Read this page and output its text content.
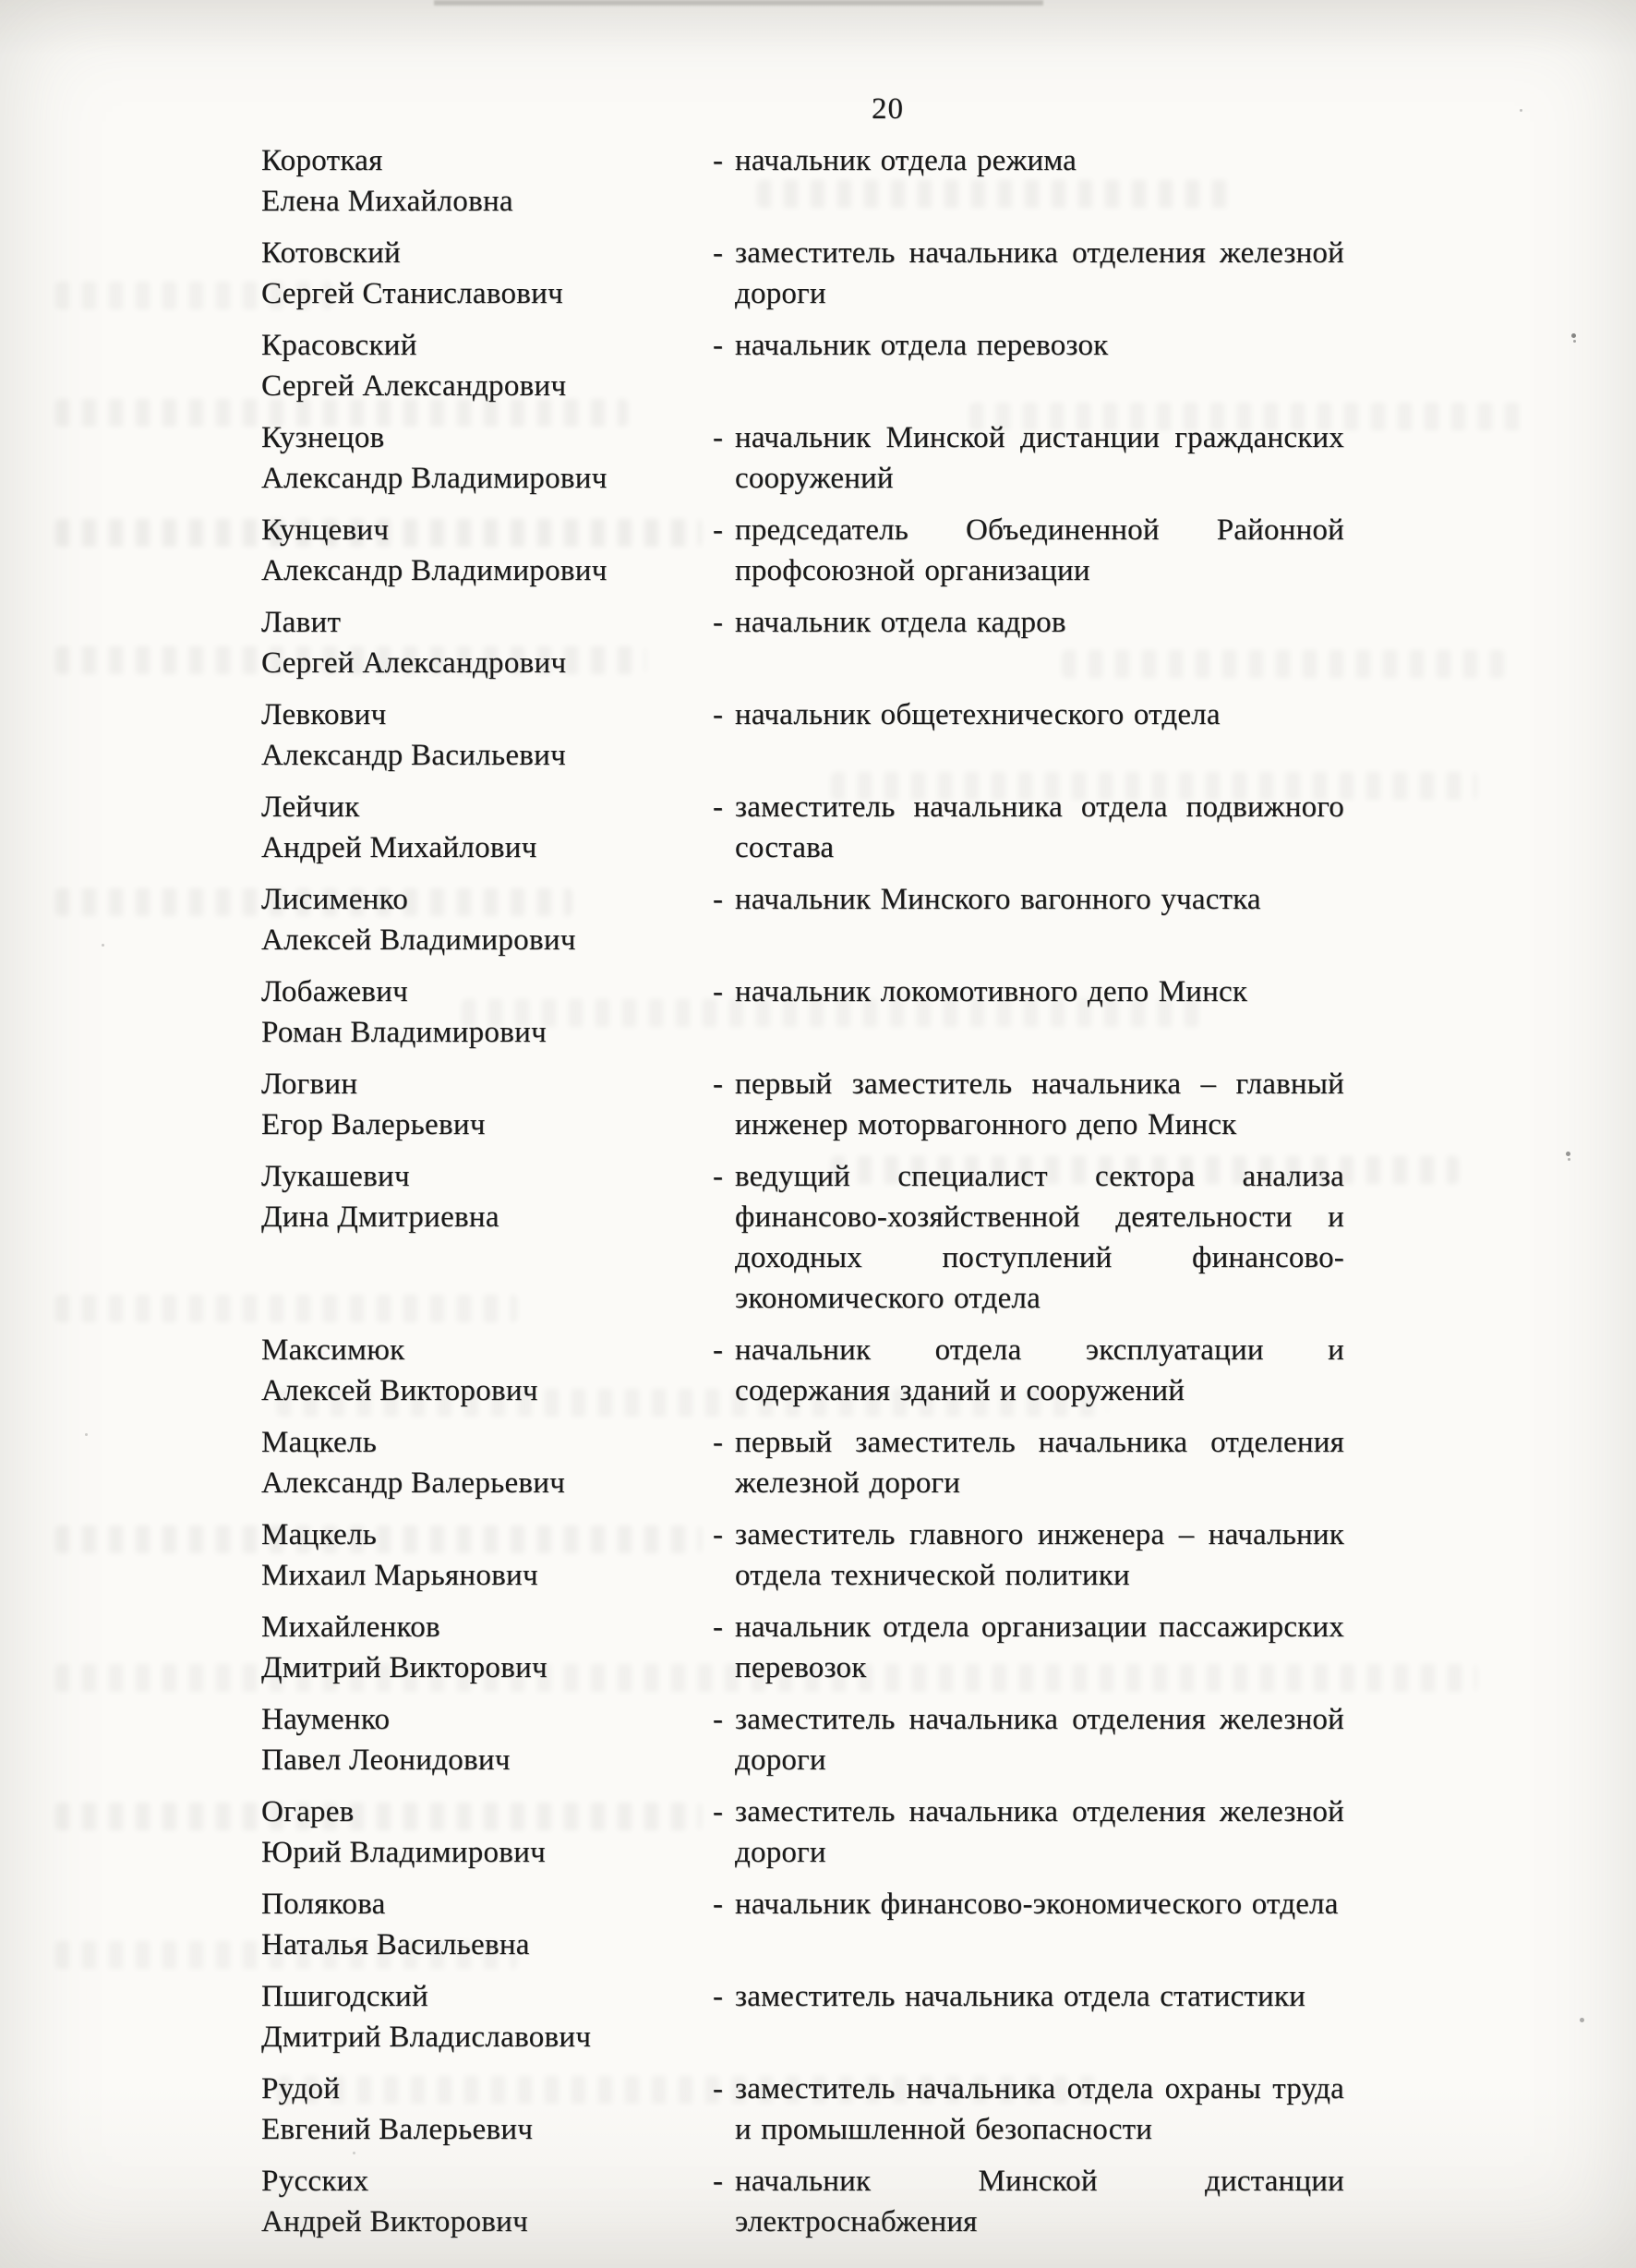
20
Короткая
Елена Михайловна
- начальник отдела режима
Котовский
Сергей Станиславович
- заместитель начальника отделения железной дороги
Красовский
Сергей Александрович
- начальник отдела перевозок
Кузнецов
Александр Владимирович
- начальник Минской дистанции гражданских сооружений
Кунцевич
Александр Владимирович
- председатель Объединенной Районной профсоюзной организации
Лавит
Сергей Александрович
- начальник отдела кадров
Левкович
Александр Васильевич
- начальник общетехнического отдела
Лейчик
Андрей Михайлович
- заместитель начальника отдела подвижного состава
Лисименко
Алексей Владимирович
- начальник Минского вагонного участка
Лобажевич
Роман Владимирович
- начальник локомотивного депо Минск
Логвин
Егор Валерьевич
- первый заместитель начальника – главный инженер моторвагонного депо Минск
Лукашевич
Дина Дмитриевна
- ведущий специалист сектора анализа финансово-хозяйственной деятельности и доходных поступлений финансово-экономического отдела
Максимюк
Алексей Викторович
- начальник отдела эксплуатации и содержания зданий и сооружений
Мацкель
Александр Валерьевич
- первый заместитель начальника отделения железной дороги
Мацкель
Михаил Марьянович
- заместитель главного инженера – начальник отдела технической политики
Михайленков
Дмитрий Викторович
- начальник отдела организации пассажирских перевозок
Науменко
Павел Леонидович
- заместитель начальника отделения железной дороги
Огарев
Юрий Владимирович
- заместитель начальника отделения железной дороги
Полякова
Наталья Васильевна
- начальник финансово-экономического отдела
Пшигодский
Дмитрий Владиславович
- заместитель начальника отдела статистики
Рудой
Евгений Валерьевич
- заместитель начальника отдела охраны труда и промышленной безопасности
Русских
Андрей Викторович
- начальник Минской дистанции электроснабжения
